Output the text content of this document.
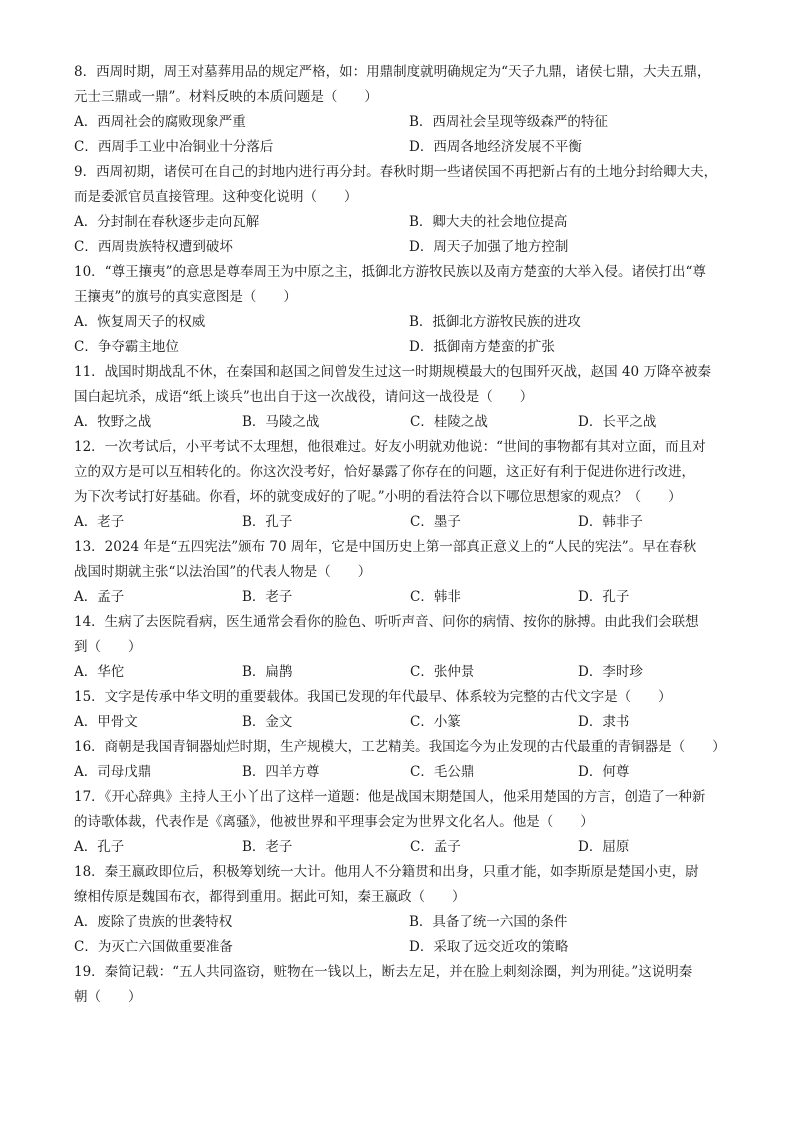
8．西周时期，周王对墓葬用品的规定严格，如：用鼎制度就明确规定为“天子九鼎，诸侯七鼎，大夫五鼎，
元士三鼎或一鼎”。材料反映的本质问题是（　　）
A．西周社会的腐败现象严重	B．西周社会呈现等级森严的特征
C．西周手工业中冶铜业十分落后	D．西周各地经济发展不平衡
9．西周初期，诸侯可在自己的封地内进行再分封。春秋时期一些诸侯国不再把新占有的土地分封给卿大夫，
而是委派官员直接管理。这种变化说明（　　）
A．分封制在春秋逐步走向瓦解	B．卿大夫的社会地位提高
C．西周贵族特权遭到破坏	D．周天子加强了地方控制
10．“尊王攘夷”的意思是尊奉周王为中原之主，抵御北方游牧民族以及南方楚蛮的大举入侵。诸侯打出“尊
王攘夷”的旗号的真实意图是（　　）
A．恢复周天子的权威	B．抵御北方游牧民族的进攻
C．争夺霸主地位	D．抵御南方楚蛮的扩张
11．战国时期战乱不休，在秦国和赵国之间曾发生过这一时期规模最大的包围歼灭战，赵国 40 万降卒被秦
国白起坑杀，成语“纸上谈兵”也出自于这一次战役，请问这一战役是（　　）
A．牧野之战	B．马陵之战	C．桂陵之战	D．长平之战
12．一次考试后，小平考试不太理想，他很难过。好友小明就劝他说：“世间的事物都有其对立面，而且对
立的双方是可以互相转化的。你这次没考好，恰好暴露了你存在的问题，这正好有利于促进你进行改进，
为下次考试打好基础。你看，坏的就变成好的了呢。”小明的看法符合以下哪位思想家的观点？（　　）
A．老子	B．孔子	C．墨子	D．韩非子
13．2024 年是“五四宪法”颁布 70 周年，它是中国历史上第一部真正意义上的“人民的宪法”。早在春秋
战国时期就主张“以法治国”的代表人物是（　　）
A．孟子	B．老子	C．韩非	D．孔子
14．生病了去医院看病，医生通常会看你的脸色、听听声音、问你的病情、按你的脉搏。由此我们会联想
到（　　）
A．华佗	B．扁鹊	C．张仲景	D．李时珍
15．文字是传承中华文明的重要载体。我国已发现的年代最早、体系较为完整的古代文字是（　　）
A．甲骨文	B．金文	C．小篆	D．隶书
16．商朝是我国青铜器灿烂时期，生产规模大，工艺精美。我国迄今为止发现的古代最重的青铜器是（　　）
A．司母戊鼎	B．四羊方尊	C．毛公鼎	D．何尊
17．《开心辞典》主持人王小丫出了这样一道题：他是战国末期楚国人，他采用楚国的方言，创造了一种新
的诗歌体裁，代表作是《离骚》，他被世界和平理事会定为世界文化名人。他是（　　）
A．孔子	B．老子	C．孟子	D．屈原
18．秦王嬴政即位后，积极筹划统一大计。他用人不分籍贯和出身，只重才能，如李斯原是楚国小吏，尉
缭相传原是魏国布衣，都得到重用。据此可知，秦王嬴政（　　）
A．废除了贵族的世袭特权	B．具备了统一六国的条件
C．为灭亡六国做重要准备	D．采取了远交近攻的策略
19．秦简记载：“五人共同盗窃，赃物在一钱以上，断去左足，并在脸上刺刻涂圈，判为刑徒。”这说明秦
朝（　　）
